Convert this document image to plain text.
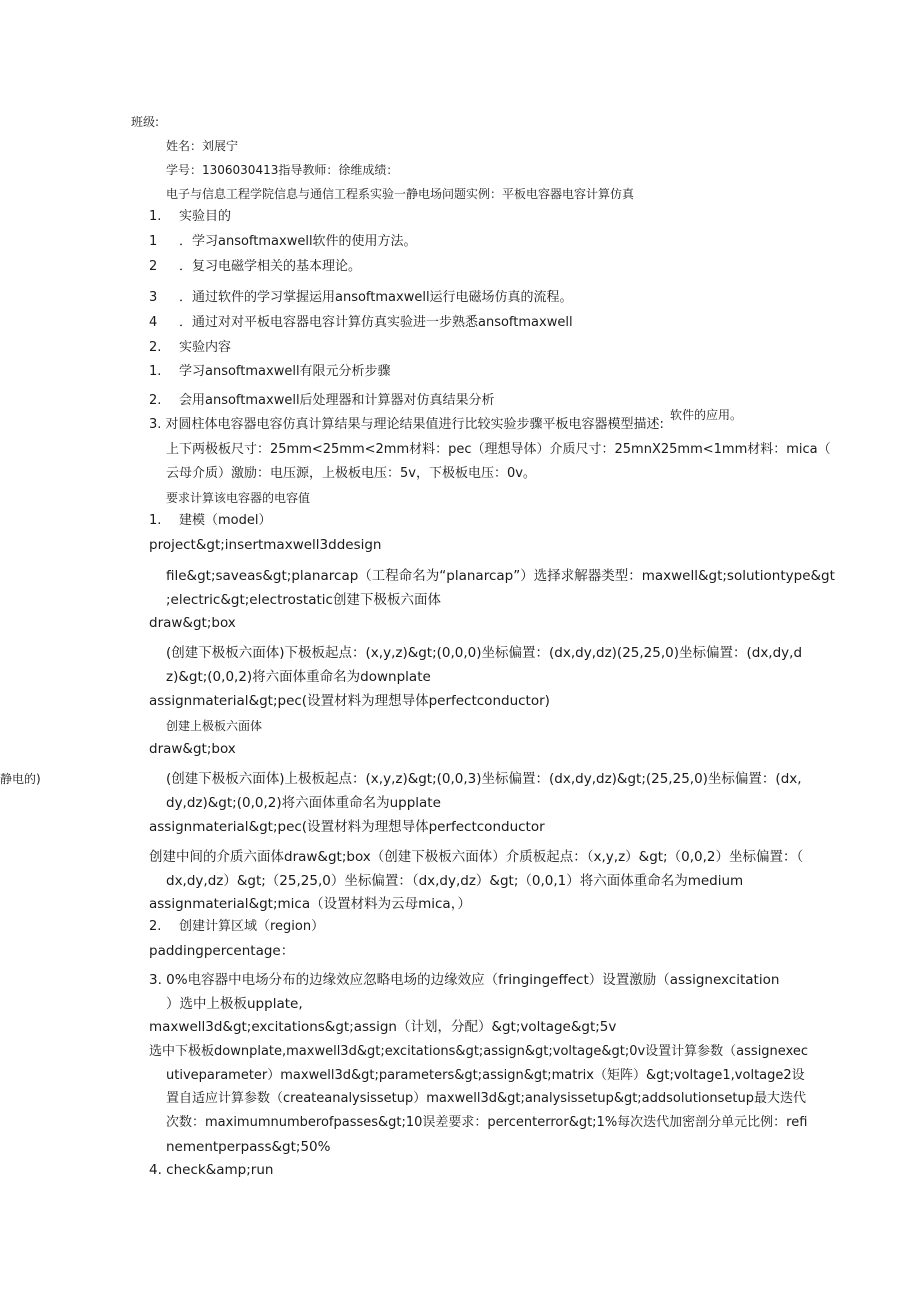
班级:
姓名：刘展宁
学号：1306030413指导教师：徐维成绩：
电子与信息工程学院信息与通信工程系实验一静电场问题实例：平板电容器电容计算仿真
1. 实验目的
1 ．学习ansoftmaxwell软件的使用方法。
2 ．复习电磁学相关的基本理论。
3 ．通过软件的学习掌握运用ansoftmaxwell运行电磁场仿真的流程。
4 ．通过对对平板电容器电容计算仿真实验进一步熟悉ansoftmaxwell
2. 实验内容
1. 学习ansoftmaxwell有限元分析步骤
2. 会用ansoftmaxwell后处理器和计算器对仿真结果分析
软件的应用。
3. 对圆柱体电容器电容仿真计算结果与理论结果值进行比较实验步骤平板电容器模型描述:
上下两极板尺寸：25mm<25mm<2mm材料：pec（理想导体）介质尺寸：25mnX25mm<1mm材料：mica（
云母介质）激励：电压源，上极板电压：5v，下极板电压：0v。
要求计算该电容器的电容值
1. 建模（model）
project&gt;insertmaxwell3ddesign
file&gt;saveas&gt;planarcap（工程命名为“planarcap”）选择求解器类型：maxwell&gt;solutiontype&gt
;electric&gt;electrostatic创建下极板六面体
draw&gt;box
(创建下极板六面体)下极板起点：(x,y,z)&gt;(0,0,0)坐标偏置：(dx,dy,dz)(25,25,0)坐标偏置：(dx,dy,d
z)&gt;(0,0,2)将六面体重命名为downplate
assignmaterial&gt;pec(设置材料为理想导体perfectconductor)
创建上极板六面体
draw&gt;box
静电的)	(创建下极板六面体)上极板起点：(x,y,z)&gt;(0,0,3)坐标偏置：(dx,dy,dz)&gt;(25,25,0)坐标偏置：(dx,
dy,dz)&gt;(0,0,2)将六面体重命名为upplate
assignmaterial&gt;pec(设置材料为理想导体perfectconductor
创建中间的介质六面体draw&gt;box（创建下极板六面体）介质板起点：（x,y,z）&gt;（0,0,2）坐标偏置：（
dx,dy,dz）&gt;（25,25,0）坐标偏置：（dx,dy,dz）&gt;（0,0,1）将六面体重命名为medium
assignmaterial&gt;mica（设置材料为云母mica，）
2. 创建计算区域（region）
paddingpercentage：
3. 0%电容器中电场分布的边缘效应忽略电场的边缘效应（fringingeffect）设置激励（assignexcitation
）选中上极板upplate,
maxwell3d&gt;excitations&gt;assign（计划，分配）&gt;voltage&gt;5v
选中下极板downplate,maxwell3d&gt;excitations&gt;assign&gt;voltage&gt;0v设置计算参数（assignexec
utiveparameter）maxwell3d&gt;parameters&gt;assign&gt;matrix（矩阵）&gt;voltage1,voltage2设
置自适应计算参数（createanalysissetup）maxwell3d&gt;analysissetup&gt;addsolutionsetup最大迭代
次数：maximumnumberofpasses&gt;10误差要求：percenterror&gt;1%每次迭代加密剖分单元比例：refi
nementperpass&gt;50%
4. check&amp;run
